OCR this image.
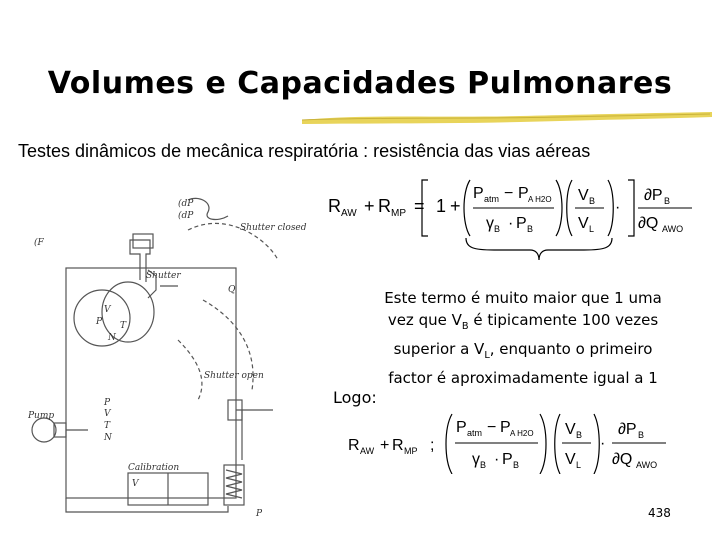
Volumes e Capacidades Pulmonares
Testes dinâmicos de mecânica respiratória : resistência das vias aéreas
(dP
(dP
(F
Shutter closed
Shutter
Q
V
P T
N
Shutter open
Pump
Calibration
P
V
T
N
V
P
R AW + R MP = 1 +
P atm − P A H2O
γ B · P B
V B
V L
·
∂P B
∂Q AWO
Este termo é muito maior que 1 uma
vez que $V_B$ é tipicamente 100 vezes
superior a $V_L$, enquanto o primeiro
factor é aproximadamente igual a 1
Logo:
R AW + R MP ;
P atm − P A H2O
γ B · P B
V B
V L
·
∂P B
∂Q AWO
438
